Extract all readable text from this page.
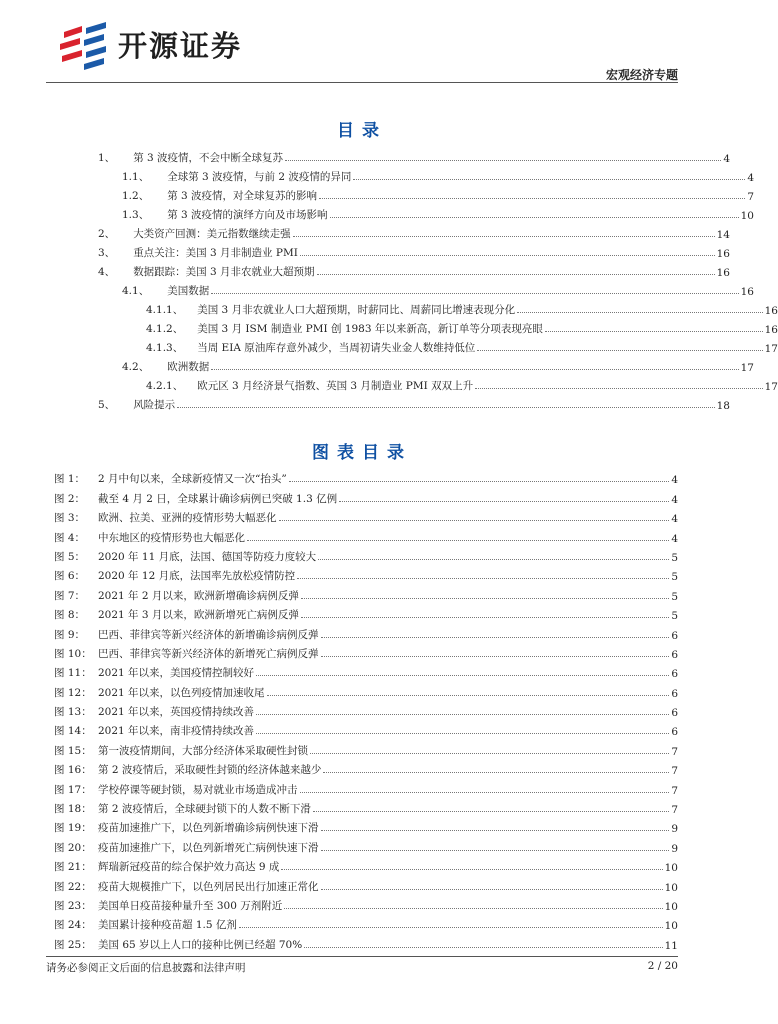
开源证券
宏观经济专题
目录
1、 第 3 波疫情，不会中断全球复苏	4
1.1、 全球第 3 波疫情，与前 2 波疫情的异同	4
1.2、 第 3 波疫情，对全球复苏的影响	7
1.3、 第 3 波疫情的演绎方向及市场影响	10
2、 大类资产回测：美元指数继续走强	14
3、 重点关注：美国 3 月非制造业 PMI	16
4、 数据跟踪：美国 3 月非农就业大超预期	16
4.1、 美国数据	16
4.1.1、 美国 3 月非农就业人口大超预期，时薪同比、周薪同比增速表现分化	16
4.1.2、 美国 3 月 ISM 制造业 PMI 创 1983 年以来新高，新订单等分项表现亮眼	16
4.1.3、 当周 EIA 原油库存意外减少，当周初请失业金人数维持低位	17
4.2、 欧洲数据	17
4.2.1、 欧元区 3 月经济景气指数、英国 3 月制造业 PMI 双双上升	17
5、 风险提示	18
图表目录
图 1：	2 月中旬以来，全球新疫情又一次“抬头”	4
图 2：	截至 4 月 2 日，全球累计确诊病例已突破 1.3 亿例	4
图 3：	欧洲、拉美、亚洲的疫情形势大幅恶化	4
图 4：	中东地区的疫情形势也大幅恶化	4
图 5：	2020 年 11 月底，法国、德国等防疫力度较大	5
图 6：	2020 年 12 月底，法国率先放松疫情防控	5
图 7：	2021 年 2 月以来，欧洲新增确诊病例反弹	5
图 8：	2021 年 3 月以来，欧洲新增死亡病例反弹	5
图 9：	巴西、菲律宾等新兴经济体的新增确诊病例反弹	6
图 10： 巴西、菲律宾等新兴经济体的新增死亡病例反弹	6
图 11： 2021 年以来，美国疫情控制较好	6
图 12： 2021 年以来，以色列疫情加速收尾	6
图 13： 2021 年以来，英国疫情持续改善	6
图 14： 2021 年以来，南非疫情持续改善	6
图 15： 第一波疫情期间，大部分经济体采取硬性封锁	7
图 16： 第 2 波疫情后，采取硬性封锁的经济体越来越少	7
图 17： 学校停课等硬封锁，易对就业市场造成冲击	7
图 18： 第 2 波疫情后，全球硬封锁下的人数不断下滑	7
图 19： 疫苗加速推广下，以色列新增确诊病例快速下滑	9
图 20： 疫苗加速推广下，以色列新增死亡病例快速下滑	9
图 21： 辉瑞新冠疫苗的综合保护效力高达 9 成	10
图 22： 疫苗大规模推广下，以色列居民出行加速正常化	10
图 23： 美国单日疫苗接种量升至 300 万剂附近	10
图 24： 美国累计接种疫苗超 1.5 亿剂	10
图 25： 美国 65 岁以上人口的接种比例已经超 70%	11
请务必参阅正文后面的信息披露和法律声明	2 / 20
